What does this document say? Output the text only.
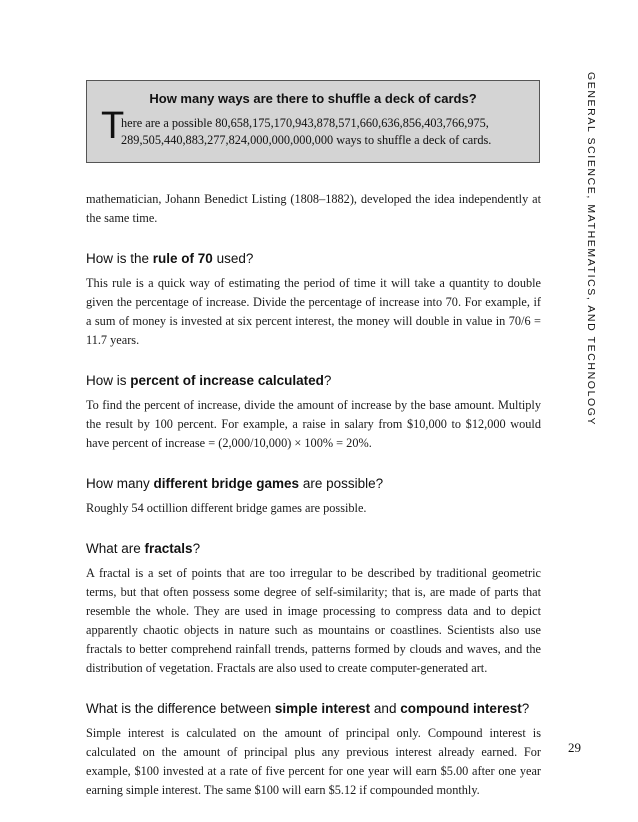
How many ways are there to shuffle a deck of cards?
T
here are a possible 80,658,175,170,943,878,571,660,636,856,403,766,975, 289,505,440,883,277,824,000,000,000,000 ways to shuffle a deck of cards.	GENERAL SCIENCE, MATHEMATICS, AND TECHNOLOGY

mathematician, Johann Benedict Listing (1808–1882), developed the idea independently at the same time.

How is the rule of 70 used?

This rule is a quick way of estimating the period of time it will take a quantity to double given the percentage of increase. Divide the percentage of increase into 70. For example, if a sum of money is invested at six percent interest, the money will double in value in 70/6 = 11.7 years.

How is percent of increase calculated?

To find the percent of increase, divide the amount of increase by the base amount. Multiply the result by 100 percent. For example, a raise in salary from $10,000 to $12,000 would have percent of increase = (2,000/10,000) × 100% = 20%.

How many different bridge games are possible?

Roughly 54 octillion different bridge games are possible.

What are fractals?

A fractal is a set of points that are too irregular to be described by traditional geometric terms, but that often possess some degree of self-similarity; that is, are made of parts that resemble the whole. They are used in image processing to compress data and to depict apparently chaotic objects in nature such as mountains or coastlines. Scientists also use fractals to better comprehend rainfall trends, patterns formed by clouds and waves, and the distribution of vegetation. Fractals are also used to create computer-generated art.

What is the difference between simple interest and compound interest?

Simple interest is calculated on the amount of principal only. Compound interest is calculated on the amount of principal plus any previous interest already earned. For example, $100 invested at a rate of five percent for one year will earn $5.00 after one year earning simple interest. The same $100 will earn $5.12 if compounded monthly.

29
